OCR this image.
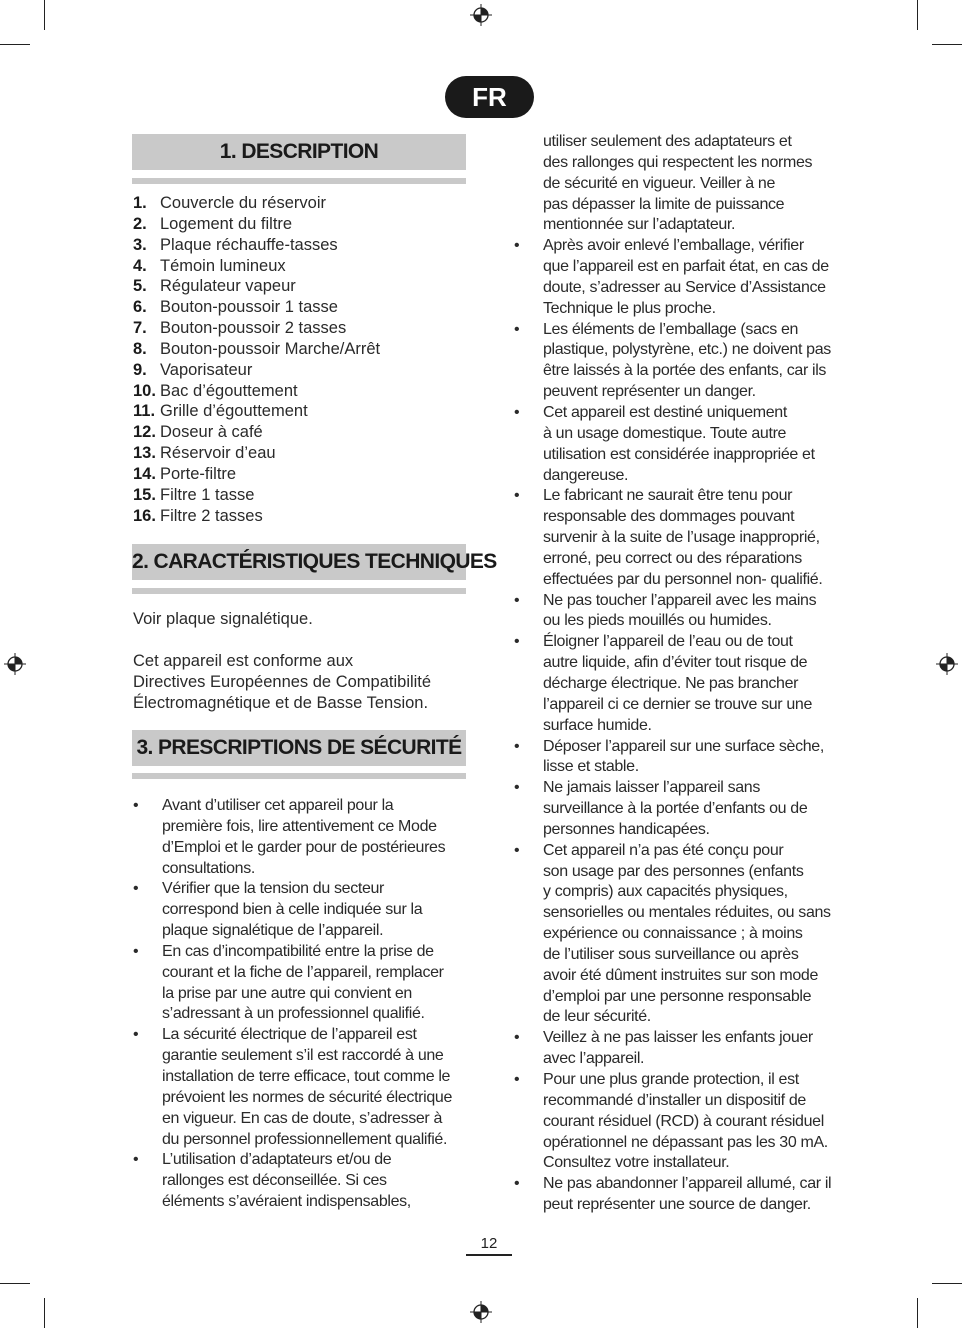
FR
1. DESCRIPTION
1. Couvercle du réservoir
2. Logement du filtre
3. Plaque réchauffe-tasses
4. Témoin lumineux
5. Régulateur vapeur
6. Bouton-poussoir 1 tasse
7. Bouton-poussoir 2 tasses
8. Bouton-poussoir Marche/Arrêt
9. Vaporisateur
10. Bac d’égouttement
11. Grille d’égouttement
12. Doseur à café
13. Réservoir d’eau
14. Porte-filtre
15. Filtre 1 tasse
16. Filtre 2 tasses
2. CARACTÉRISTIQUES TECHNIQUES

Voir plaque signalétique.

Cet appareil est conforme aux
Directives Européennes de Compatibilité
Électromagnétique et de Basse Tension.
3. PRESCRIPTIONS DE SÉCURITÉ
• Avant d’utiliser cet appareil pour la
première fois, lire attentivement ce Mode
d’Emploi et le garder pour de postérieures
consultations.
• Vérifier que la tension du secteur
correspond bien à celle indiquée sur la
plaque signalétique de l’appareil.
• En cas d’incompatibilité entre la prise de
courant et la fiche de l’appareil, remplacer
la prise par une autre qui convient en
s’adressant à un professionnel qualifié.
• La sécurité électrique de l’appareil est
garantie seulement s’il est raccordé à une
installation de terre efficace, tout comme le
prévoient les normes de sécurité électrique
en vigueur. En cas de doute, s’adresser à
du personnel professionnellement qualifié.
• L’utilisation d’adaptateurs et/ou de
rallonges est déconseillée. Si ces
éléments s’avéraient indispensables,
utiliser seulement des adaptateurs et
des rallonges qui respectent les normes
de sécurité en vigueur. Veiller à ne
pas dépasser la limite de puissance
mentionnée sur l’adaptateur.
• Après avoir enlevé l’emballage, vérifier
que l’appareil est en parfait état, en cas de
doute, s’adresser au Service d’Assistance
Technique le plus proche.
• Les éléments de l’emballage (sacs en
plastique, polystyrène, etc.) ne doivent pas
être laissés à la portée des enfants, car ils
peuvent représenter un danger.
• Cet appareil est destiné uniquement
à un usage domestique. Toute autre
utilisation est considérée inappropriée et
dangereuse.
• Le fabricant ne saurait être tenu pour
responsable des dommages pouvant
survenir à la suite de l’usage inapproprié,
erroné, peu correct ou des réparations
effectuées par du personnel non- qualifié.
• Ne pas toucher l’appareil avec les mains
ou les pieds mouillés ou humides.
• Éloigner l’appareil de l’eau ou de tout
autre liquide, afin d’éviter tout risque de
décharge électrique. Ne pas brancher
l’appareil ci ce dernier se trouve sur une
surface humide.
• Déposer l’appareil sur une surface sèche,
lisse et stable.
• Ne jamais laisser l’appareil sans
surveillance à la portée d’enfants ou de
personnes handicapées.
• Cet appareil n’a pas été conçu pour
son usage par des personnes (enfants
y compris) aux capacités physiques,
sensorielles ou mentales réduites, ou sans
expérience ou connaissance ; à moins
de l’utiliser sous surveillance ou après
avoir été dûment instruites sur son mode
d’emploi par une personne responsable
de leur sécurité.
• Veillez à ne pas laisser les enfants jouer
avec l’appareil.
• Pour une plus grande protection, il est
recommandé d’installer un dispositif de
courant résiduel (RCD) à courant résiduel
opérationnel ne dépassant pas les 30 mA.
Consultez votre installateur.
• Ne pas abandonner l’appareil allumé, car il
peut représenter une source de danger.
12
